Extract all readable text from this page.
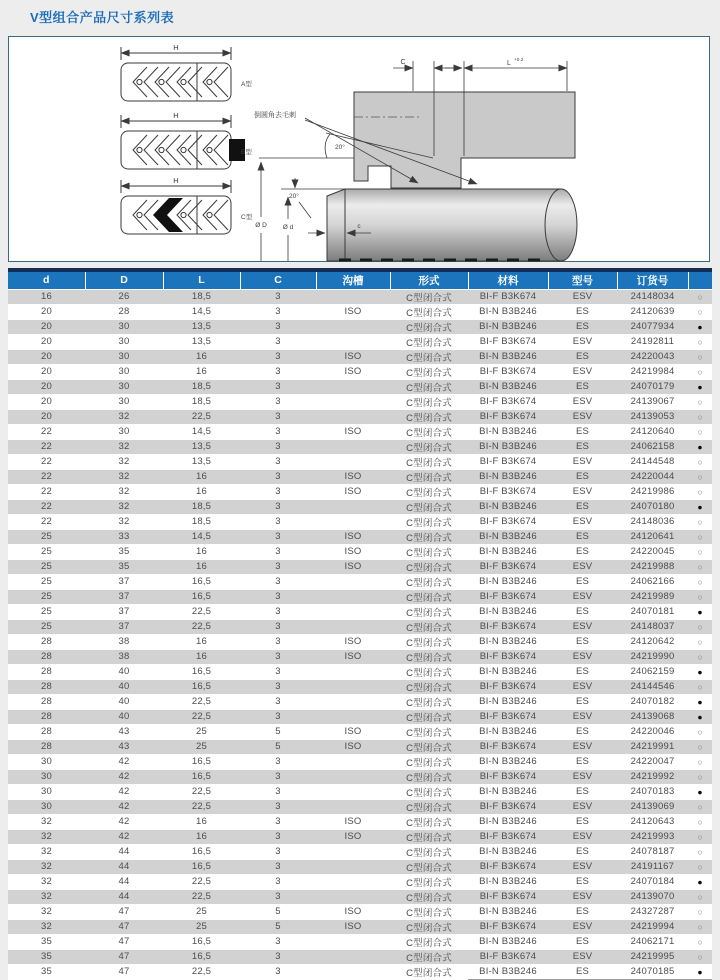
V型组合产品尺寸系列表
H
A型
H
B型
H
C型
C	L +0.2
倒圆角去毛刺
20°
20°
Ø D Ø d	c
d	D	L	C	沟槽	形式	材料	型号	订货号	
16	26	18,5	3		C型闭合式	BI-F B3K674	ESV	24148034	○
20	28	14,5	3	ISO	C型闭合式	BI-N B3B246	ES	24120639	○
20	30	13,5	3		C型闭合式	BI-N B3B246	ES	24077934	●
20	30	13,5	3		C型闭合式	BI-F B3K674	ESV	24192811	○
20	30	16	3	ISO	C型闭合式	BI-N B3B246	ES	24220043	○
20	30	16	3	ISO	C型闭合式	BI-F B3K674	ESV	24219984	○
20	30	18,5	3		C型闭合式	BI-N B3B246	ES	24070179	●
20	30	18,5	3		C型闭合式	BI-F B3K674	ESV	24139067	○
20	32	22,5	3		C型闭合式	BI-F B3K674	ESV	24139053	○
22	30	14,5	3	ISO	C型闭合式	BI-N B3B246	ES	24120640	○
22	32	13,5	3		C型闭合式	BI-N B3B246	ES	24062158	●
22	32	13,5	3		C型闭合式	BI-F B3K674	ESV	24144548	○
22	32	16	3	ISO	C型闭合式	BI-N B3B246	ES	24220044	○
22	32	16	3	ISO	C型闭合式	BI-F B3K674	ESV	24219986	○
22	32	18,5	3		C型闭合式	BI-N B3B246	ES	24070180	●
22	32	18,5	3		C型闭合式	BI-F B3K674	ESV	24148036	○
25	33	14,5	3	ISO	C型闭合式	BI-N B3B246	ES	24120641	○
25	35	16	3	ISO	C型闭合式	BI-N B3B246	ES	24220045	○
25	35	16	3	ISO	C型闭合式	BI-F B3K674	ESV	24219988	○
25	37	16,5	3		C型闭合式	BI-N B3B246	ES	24062166	○
25	37	16,5	3		C型闭合式	BI-F B3K674	ESV	24219989	○
25	37	22,5	3		C型闭合式	BI-N B3B246	ES	24070181	●
25	37	22,5	3		C型闭合式	BI-F B3K674	ESV	24148037	○
28	38	16	3	ISO	C型闭合式	BI-N B3B246	ES	24120642	○
28	38	16	3	ISO	C型闭合式	BI-F B3K674	ESV	24219990	○
28	40	16,5	3		C型闭合式	BI-N B3B246	ES	24062159	●
28	40	16,5	3		C型闭合式	BI-F B3K674	ESV	24144546	○
28	40	22,5	3		C型闭合式	BI-N B3B246	ES	24070182	●
28	40	22,5	3		C型闭合式	BI-F B3K674	ESV	24139068	●
28	43	25	5	ISO	C型闭合式	BI-N B3B246	ES	24220046	○
28	43	25	5	ISO	C型闭合式	BI-F B3K674	ESV	24219991	○
30	42	16,5	3		C型闭合式	BI-N B3B246	ES	24220047	○
30	42	16,5	3		C型闭合式	BI-F B3K674	ESV	24219992	○
30	42	22,5	3		C型闭合式	BI-N B3B246	ES	24070183	●
30	42	22,5	3		C型闭合式	BI-F B3K674	ESV	24139069	○
32	42	16	3	ISO	C型闭合式	BI-N B3B246	ES	24120643	○
32	42	16	3	ISO	C型闭合式	BI-F B3K674	ESV	24219993	○
32	44	16,5	3		C型闭合式	BI-N B3B246	ES	24078187	○
32	44	16,5	3		C型闭合式	BI-F B3K674	ESV	24191167	○
32	44	22,5	3		C型闭合式	BI-N B3B246	ES	24070184	●
32	44	22,5	3		C型闭合式	BI-F B3K674	ESV	24139070	○
32	47	25	5	ISO	C型闭合式	BI-N B3B246	ES	24327287	○
32	47	25	5	ISO	C型闭合式	BI-F B3K674	ESV	24219994	○
35	47	16,5	3		C型闭合式	BI-N B3B246	ES	24062171	○
35	47	16,5	3		C型闭合式	BI-F B3K674	ESV	24219995	○
35	47	22,5	3		C型闭合式	BI-N B3B246	ES	24070185	●
